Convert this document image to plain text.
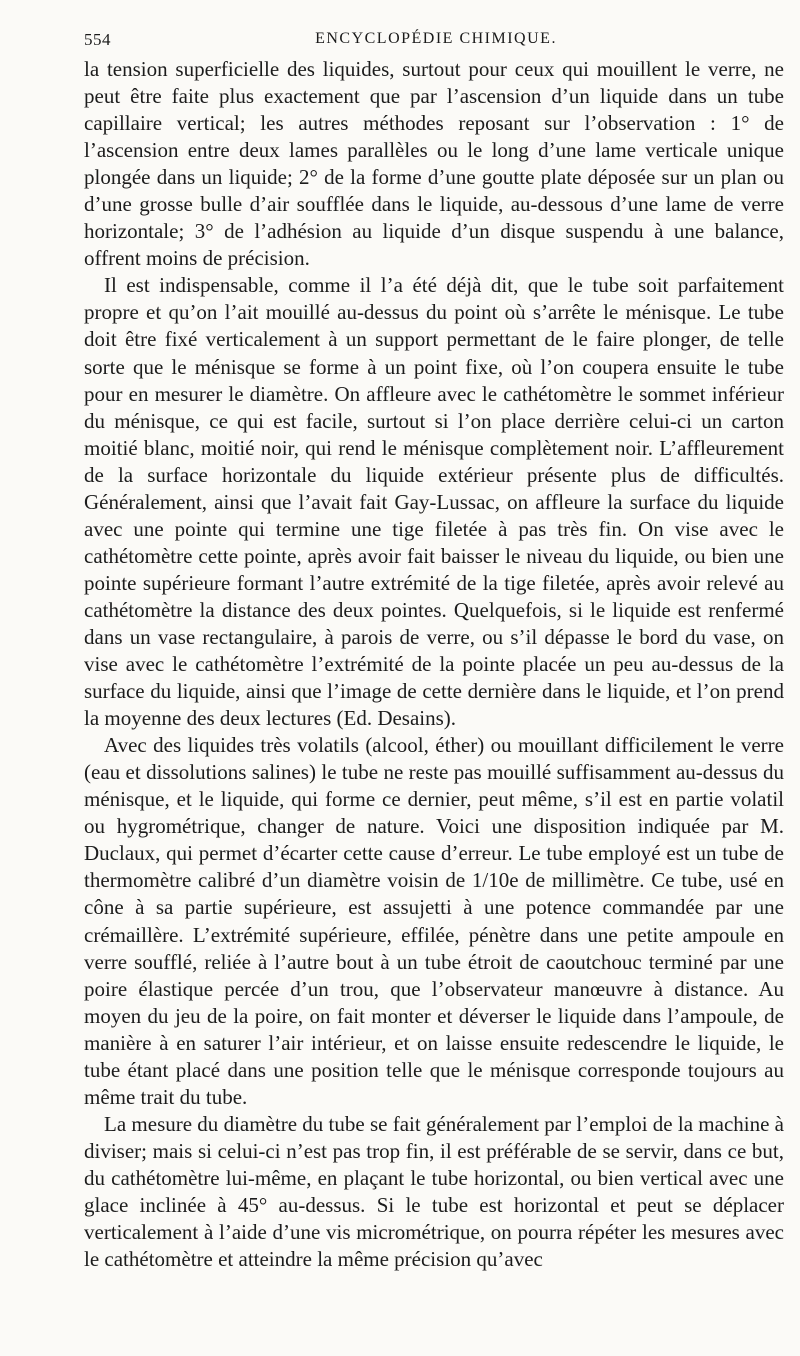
554	ENCYCLOPÉDIE CHIMIQUE.

la tension superficielle des liquides, surtout pour ceux qui mouillent le verre, ne peut être faite plus exactement que par l’ascension d’un liquide dans un tube capillaire vertical; les autres méthodes reposant sur l’observation : 1° de l’ascension entre deux lames parallèles ou le long d’une lame verticale unique plongée dans un liquide; 2° de la forme d’une goutte plate déposée sur un plan ou d’une grosse bulle d’air soufflée dans le liquide, au-dessous d’une lame de verre horizontale; 3° de l’adhésion au liquide d’un disque suspendu à une balance, offrent moins de précision.

Il est indispensable, comme il l’a été déjà dit, que le tube soit parfaitement propre et qu’on l’ait mouillé au-dessus du point où s’arrête le ménisque. Le tube doit être fixé verticalement à un support permettant de le faire plonger, de telle sorte que le ménisque se forme à un point fixe, où l’on coupera ensuite le tube pour en mesurer le diamètre. On affleure avec le cathétomètre le sommet inférieur du ménisque, ce qui est facile, surtout si l’on place derrière celui-ci un carton moitié blanc, moitié noir, qui rend le ménisque complètement noir. L’affleurement de la surface horizontale du liquide extérieur présente plus de difficultés. Généralement, ainsi que l’avait fait Gay-Lussac, on affleure la surface du liquide avec une pointe qui termine une tige filetée à pas très fin. On vise avec le cathétomètre cette pointe, après avoir fait baisser le niveau du liquide, ou bien une pointe supérieure formant l’autre extrémité de la tige filetée, après avoir relevé au cathétomètre la distance des deux pointes. Quelquefois, si le liquide est renfermé dans un vase rectangulaire, à parois de verre, ou s’il dépasse le bord du vase, on vise avec le cathétomètre l’extrémité de la pointe placée un peu au-dessus de la surface du liquide, ainsi que l’image de cette dernière dans le liquide, et l’on prend la moyenne des deux lectures (Ed. Desains).

Avec des liquides très volatils (alcool, éther) ou mouillant difficilement le verre (eau et dissolutions salines) le tube ne reste pas mouillé suffisamment au-dessus du ménisque, et le liquide, qui forme ce dernier, peut même, s’il est en partie volatil ou hygrométrique, changer de nature. Voici une disposition indiquée par M. Duclaux, qui permet d’écarter cette cause d’erreur. Le tube employé est un tube de thermomètre calibré d’un diamètre voisin de 1/10e de millimètre. Ce tube, usé en cône à sa partie supérieure, est assujetti à une potence commandée par une crémaillère. L’extrémité supérieure, effilée, pénètre dans une petite ampoule en verre soufflé, reliée à l’autre bout à un tube étroit de caoutchouc terminé par une poire élastique percée d’un trou, que l’observateur manœuvre à distance. Au moyen du jeu de la poire, on fait monter et déverser le liquide dans l’ampoule, de manière à en saturer l’air intérieur, et on laisse ensuite redescendre le liquide, le tube étant placé dans une position telle que le ménisque corresponde toujours au même trait du tube.

La mesure du diamètre du tube se fait généralement par l’emploi de la machine à diviser; mais si celui-ci n’est pas trop fin, il est préférable de se servir, dans ce but, du cathétomètre lui-même, en plaçant le tube horizontal, ou bien vertical avec une glace inclinée à 45° au-dessus. Si le tube est horizontal et peut se déplacer verticalement à l’aide d’une vis micrométrique, on pourra répéter les mesures avec le cathétomètre et atteindre la même précision qu’avec
